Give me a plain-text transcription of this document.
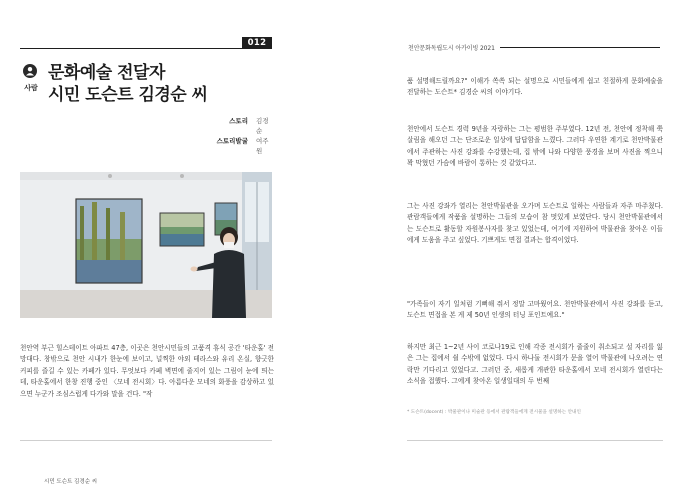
012
사람
문화예술 전달자
시민 도슨트 김경순 씨
스토리 김경순
스토리발굴 여주원
시민 도슨트 김경순 씨
천안역 부근 힐스테이트 아파트 47층, 이곳은 천안시민들의 고품격 휴식 공간 '타운홀' 전망대다. 창밖으로 천안 시내가 한눈에 보이고, 널찍한 야외 테라스와 유리 온실, 향긋한 커피를 즐길 수 있는 카페가 있다. 무엇보다 카페 벽면에 줄지어 있는 그림이 눈에 띄는데, 타운홀에서 한창 진행 중인 〈모네 전시회〉다. 아름다운 모네의 화풍을 감상하고 있으면 누군가 조심스럽게 다가와 말을 건다. "작
천안문화독립도시 아카이빙 2021
품 설명해드릴까요?" 이해가 쏙쏙 되는 설명으로 시민들에게 쉽고 친절하게 문화예술을 전달하는 도슨트* 김경순 씨의 이야기다.
천안에서 도슨트 경력 9년을 자랑하는 그는 평범한 주부였다. 12년 전, 천안에 정착해 쭉 살림을 해오던 그는 단조로운 일상에 답답함을 느꼈다. 그러다 우연한 계기로 천안박물관에서 주관하는 사진 강좌를 수강했는데, 집 밖에 나와 다양한 풍경을 보며 사진을 찍으니 꽉 막혔던 가슴에 바람이 통하는 것 같았다고.
그는 사진 강좌가 열리는 천안박물관을 오가며 도슨트로 일하는 사람들과 자주 마주쳤다. 관람객들에게 작품을 설명하는 그들의 모습이 참 멋있게 보였단다. 당시 천안박물관에서는 도슨트로 활동할 자원봉사자를 찾고 있었는데, 여기에 지원하여 박물관을 찾아온 이들에게 도움을 주고 싶었다. 기쁘게도 면접 결과는 합격이었다.
"가족들이 자기 일처럼 기뻐해 줘서 정말 고마웠어요. 천안박물관에서 사진 강좌를 듣고, 도슨트 면접을 본 게 제 50년 인생의 터닝 포인트예요."
하지만 최근 1~2년 사이 코로나19로 인해 각종 전시회가 줄줄이 취소되고 설 자리를 잃은 그는 집에서 쉴 수밖에 없었다. 다시 하나둘 전시회가 문을 열어 박물관에 나오려는 연락만 기다리고 있었다고. 그러던 중, 새롭게 개관한 타운홀에서 모네 전시회가 열린다는 소식을 접했다. 그에게 찾아온 일생일대의 두 번째
* 도슨트(docent) : 박물관이나 미술관 등에서 관람객들에게 전시물을 설명하는 안내인
